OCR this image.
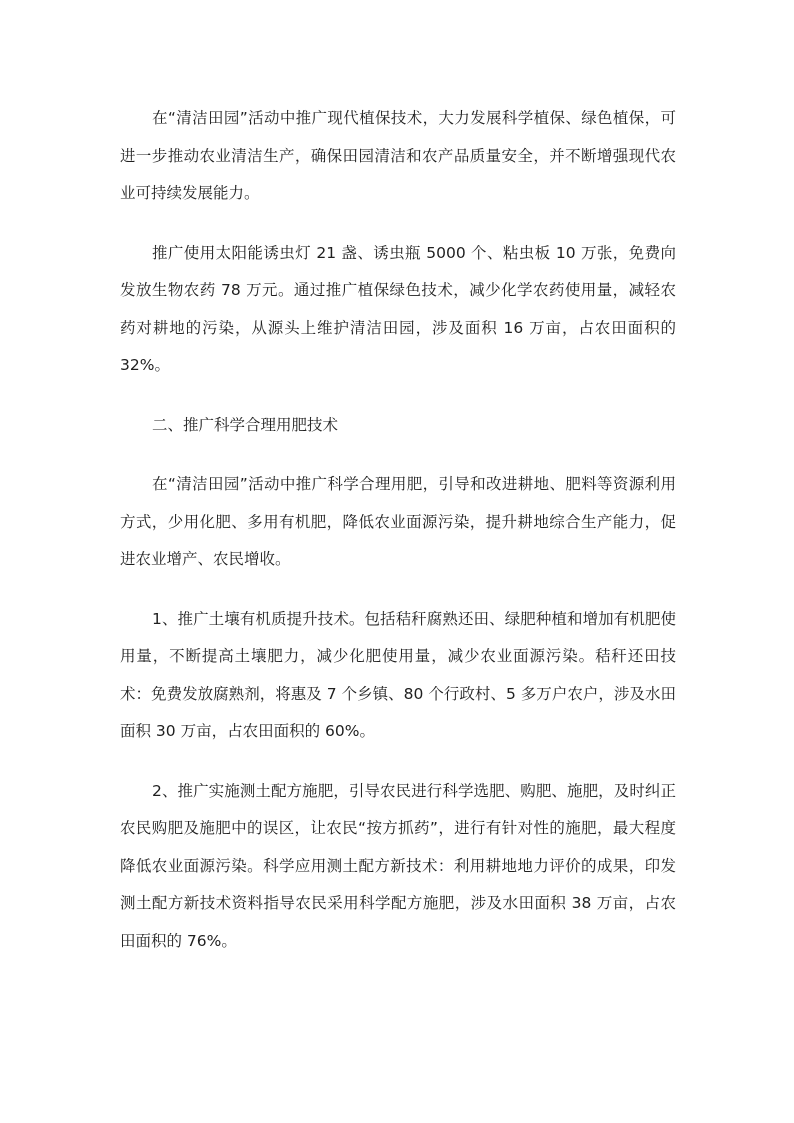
在“清洁田园”活动中推广现代植保技术，大力发展科学植保、绿色植保，可进一步推动农业清洁生产，确保田园清洁和农产品质量安全，并不断增强现代农业可持续发展能力。

推广使用太阳能诱虫灯 21 盏、诱虫瓶 5000 个、粘虫板 10 万张，免费向发放生物农药 78 万元。通过推广植保绿色技术，减少化学农药使用量，减轻农药对耕地的污染，从源头上维护清洁田园，涉及面积 16 万亩，占农田面积的 32%。

二、推广科学合理用肥技术

在“清洁田园”活动中推广科学合理用肥，引导和改进耕地、肥料等资源利用方式，少用化肥、多用有机肥，降低农业面源污染，提升耕地综合生产能力，促进农业增产、农民增收。

1、推广土壤有机质提升技术。包括秸秆腐熟还田、绿肥种植和增加有机肥使用量，不断提高土壤肥力，减少化肥使用量，减少农业面源污染。秸秆还田技术：免费发放腐熟剂，将惠及 7 个乡镇、80 个行政村、5 多万户农户，涉及水田面积 30 万亩，占农田面积的 60%。

2、推广实施测土配方施肥，引导农民进行科学选肥、购肥、施肥，及时纠正农民购肥及施肥中的误区，让农民“按方抓药”，进行有针对性的施肥，最大程度降低农业面源污染。科学应用测土配方新技术：利用耕地地力评价的成果，印发测土配方新技术资料指导农民采用科学配方施肥，涉及水田面积 38 万亩，占农田面积的 76%。
